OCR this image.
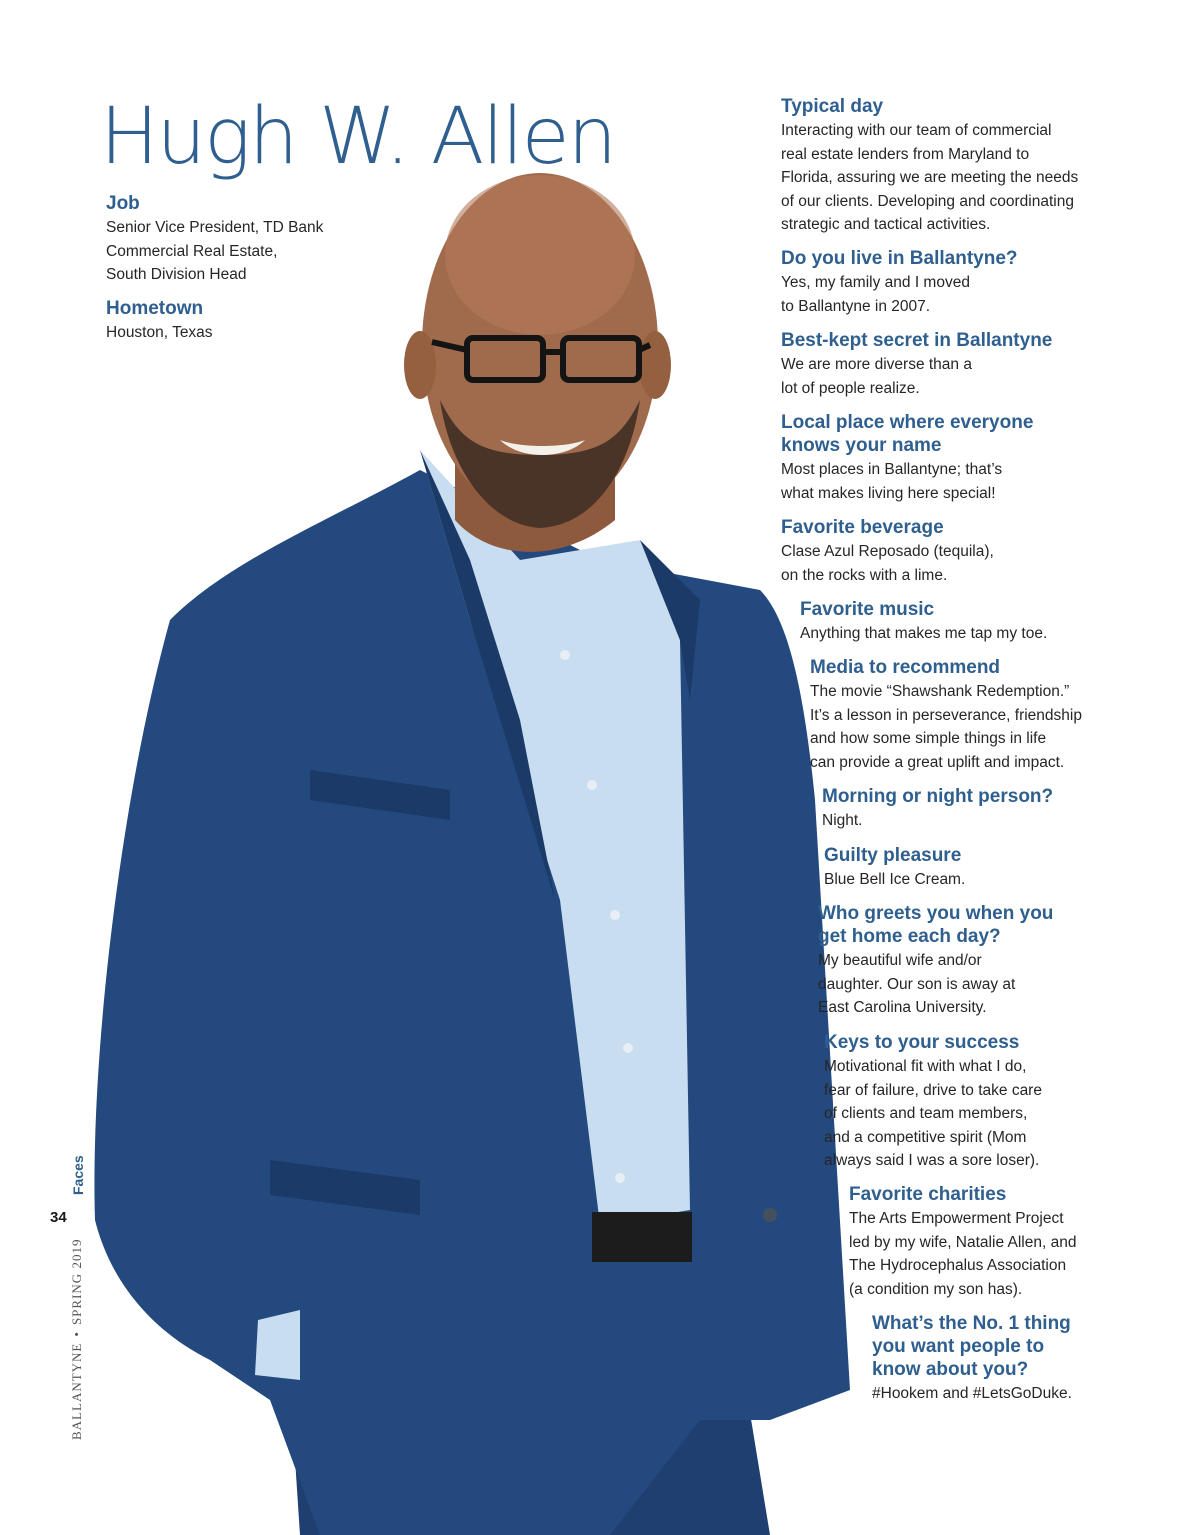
Hugh W. Allen

Job

Senior Vice President, TD Bank
Commercial Real Estate,
South Division Head

Hometown

Houston, Texas

Typical day

Interacting with our team of commercial
real estate lenders from Maryland to
Florida, assuring we are meeting the needs
of our clients. Developing and coordinating
strategic and tactical activities.

Do you live in Ballantyne?

Yes, my family and I moved
to Ballantyne in 2007.

Best-kept secret in Ballantyne

We are more diverse than a
lot of people realize.

Local place where everyone
knows your name

Most places in Ballantyne; that’s
what makes living here special!

Favorite beverage

Clase Azul Reposado (tequila),
on the rocks with a lime.

Favorite music

Anything that makes me tap my toe.

Media to recommend

The movie “Shawshank Redemption.”
It’s a lesson in perseverance, friendship
and how some simple things in life
can provide a great uplift and impact.

Morning or night person?

Night.

Guilty pleasure

Blue Bell Ice Cream.

Who greets you when you
get home each day?

My beautiful wife and/or
daughter. Our son is away at
East Carolina University.

Keys to your success

Motivational fit with what I do,
fear of failure, drive to take care
of clients and team members,
and a competitive spirit (Mom
always said I was a sore loser).

Favorite charities

The Arts Empowerment Project
led by my wife, Natalie Allen, and
The Hydrocephalus Association
(a condition my son has).

What’s the No. 1 thing
you want people to
know about you?

#Hookem and #LetsGoDuke.

Faces
34
BALLANTYNE•SPRING 2019
